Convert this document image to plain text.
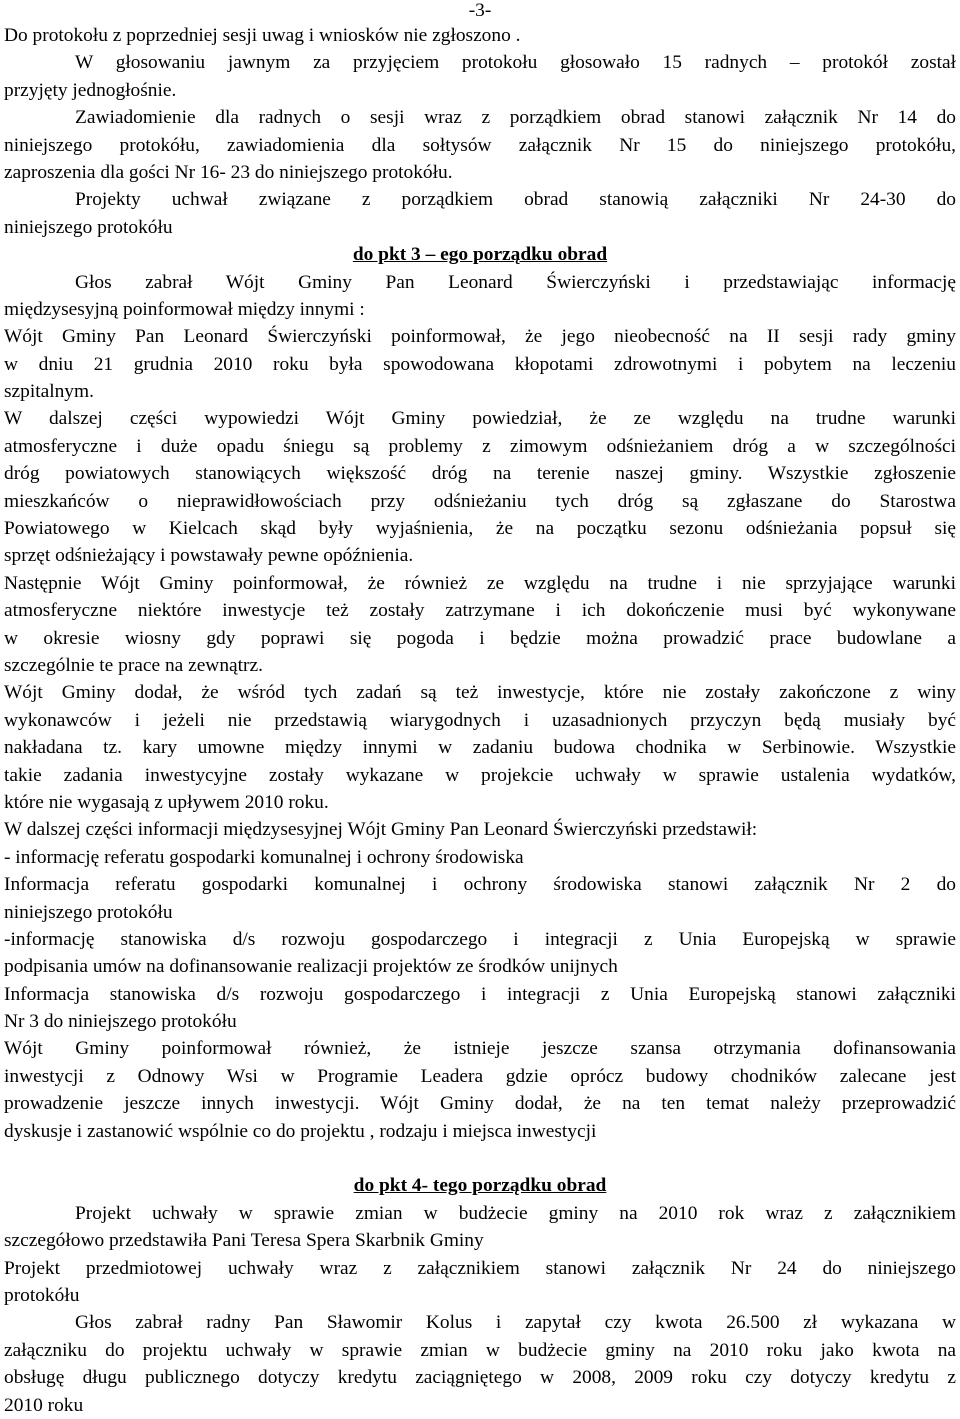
-3-
Do protokołu z poprzedniej sesji uwag i wniosków nie zgłoszono .
W głosowaniu jawnym za przyjęciem protokołu głosowało 15 radnych – protokół został
przyjęty jednogłośnie.
Zawiadomienie dla radnych o sesji wraz z porządkiem obrad stanowi załącznik Nr 14 do
niniejszego protokółu, zawiadomienia dla sołtysów załącznik Nr 15 do niniejszego protokółu,
zaproszenia dla gości Nr 16- 23 do niniejszego protokółu.
Projekty uchwał związane z porządkiem obrad stanowią załączniki Nr 24-30 do
niniejszego protokółu
do pkt 3 – ego porządku obrad
Głos zabrał Wójt Gminy Pan Leonard Świerczyński i przedstawiając informację
międzysesyjną poinformował między innymi :
Wójt Gminy Pan Leonard Świerczyński poinformował, że jego nieobecność na II sesji rady gminy
w dniu 21 grudnia 2010 roku była spowodowana kłopotami zdrowotnymi i pobytem na leczeniu
szpitalnym.
W dalszej części wypowiedzi Wójt Gminy powiedział, że ze względu na trudne warunki
atmosferyczne i duże opadu śniegu są problemy z zimowym odśnieżaniem dróg a w szczególności
dróg powiatowych stanowiących większość dróg na terenie naszej gminy. Wszystkie zgłoszenie
mieszkańców o nieprawidłowościach przy odśnieżaniu tych dróg są zgłaszane do Starostwa
Powiatowego w Kielcach skąd były wyjaśnienia, że na początku sezonu odśnieżania popsuł się
sprzęt odśnieżający i powstawały pewne opóźnienia.
Następnie Wójt Gminy poinformował, że również ze względu na trudne i nie sprzyjające warunki
atmosferyczne niektóre inwestycje też zostały zatrzymane i ich dokończenie musi być wykonywane
w okresie wiosny gdy poprawi się pogoda i będzie można prowadzić prace budowlane a
szczególnie te prace na zewnątrz.
Wójt Gminy dodał, że wśród tych zadań są też inwestycje, które nie zostały zakończone z winy
wykonawców i jeżeli nie przedstawią wiarygodnych i uzasadnionych przyczyn będą musiały być
nakładana tz. kary umowne między innymi w zadaniu budowa chodnika w Serbinowie. Wszystkie
takie zadania inwestycyjne zostały wykazane w projekcie uchwały w sprawie ustalenia wydatków,
które nie wygasają z upływem 2010 roku.
W dalszej części informacji międzysesyjnej Wójt Gminy Pan Leonard Świerczyński przedstawił:
- informację referatu gospodarki komunalnej i ochrony środowiska
Informacja referatu gospodarki komunalnej i ochrony środowiska stanowi załącznik Nr 2 do
niniejszego protokółu
-informację stanowiska d/s rozwoju gospodarczego i integracji z Unia Europejską w sprawie
podpisania umów na dofinansowanie realizacji projektów ze środków unijnych
Informacja stanowiska d/s rozwoju gospodarczego i integracji z Unia Europejską stanowi załączniki
Nr 3 do niniejszego protokółu
Wójt Gminy poinformował również, że istnieje jeszcze szansa otrzymania dofinansowania
inwestycji z Odnowy Wsi w Programie Leadera gdzie oprócz budowy chodników zalecane jest
prowadzenie jeszcze innych inwestycji. Wójt Gminy dodał, że na ten temat należy przeprowadzić
dyskusje i zastanowić wspólnie co do projektu , rodzaju i miejsca inwestycji
do pkt 4- tego porządku obrad
Projekt uchwały w sprawie zmian w budżecie gminy na 2010 rok wraz z załącznikiem
szczegółowo przedstawiła Pani Teresa Spera Skarbnik Gminy
Projekt przedmiotowej uchwały wraz z załącznikiem stanowi załącznik Nr 24 do niniejszego
protokółu
Głos zabrał radny Pan Sławomir Kolus i zapytał czy kwota 26.500 zł wykazana w
załączniku do projektu uchwały w sprawie zmian w budżecie gminy na 2010 roku jako kwota na
obsługę długu publicznego dotyczy kredytu zaciągniętego w 2008, 2009 roku czy dotyczy kredytu z
2010 roku
